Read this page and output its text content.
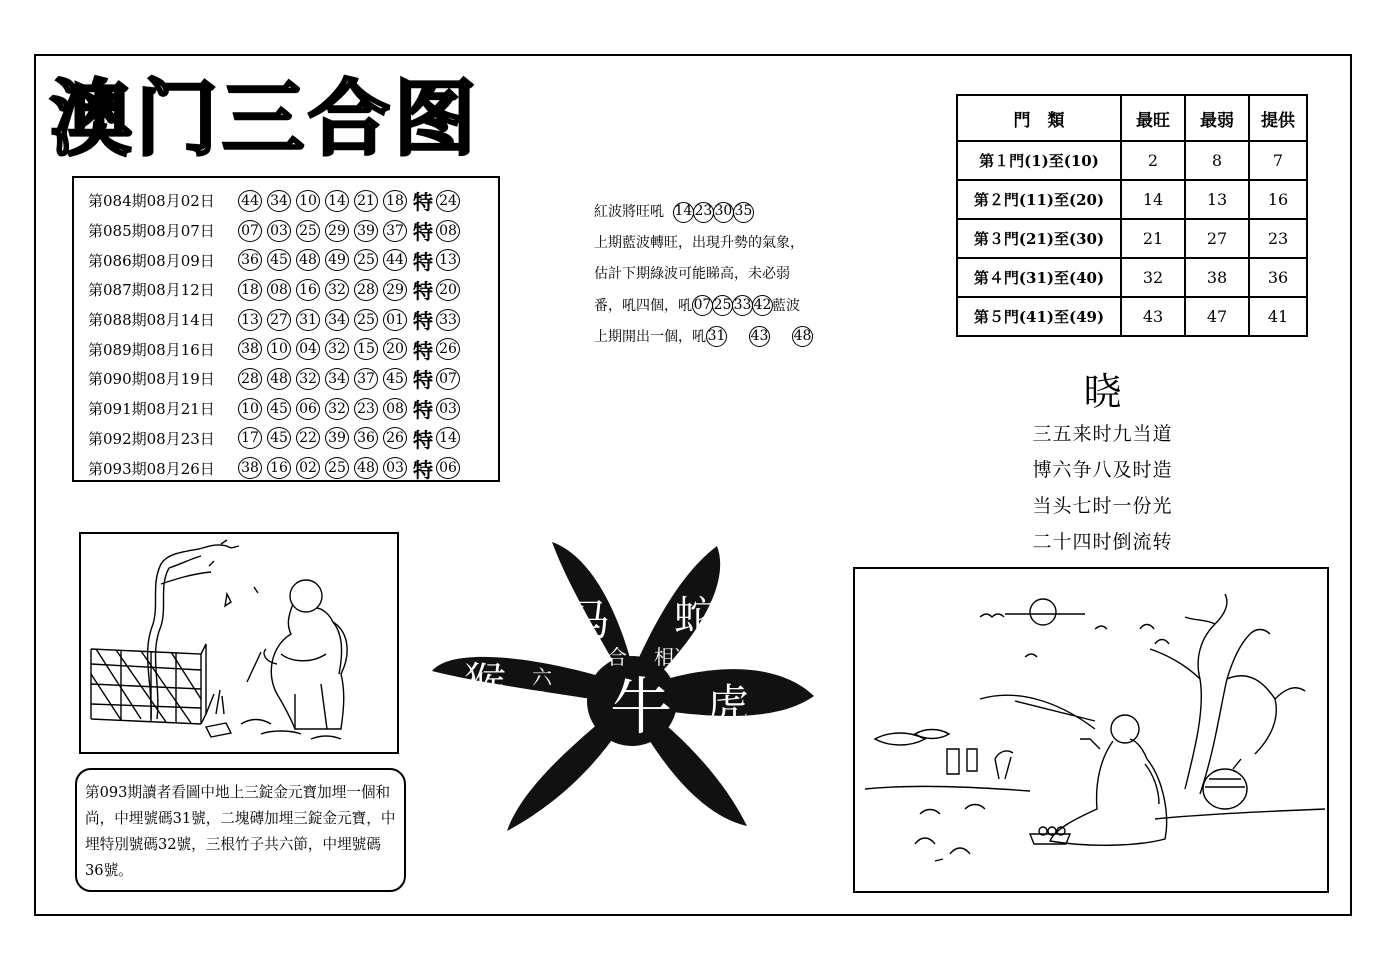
澳门三合图
第084期08月02日	44 34 10 14 21 18 特 24
第085期08月07日	07 03 25 29 39 37 特 08
第086期08月09日	36 45 48 49 25 44 特 13
第087期08月12日	18 08 16 32 28 29 特 20
第088期08月14日	13 27 31 34 25 01 特 33
第089期08月16日	38 10 04 32 15 20 特 26
第090期08月19日	28 48 32 34 37 45 特 07
第091期08月21日	10 45 06 32 23 08 特 03
第092期08月23日	17 45 22 39 36 26 特 14
第093期08月26日	38 16 02 25 48 03 特 06
紅波將旺吼 14 23 30 35
上期藍波轉旺，出現升勢的氣象，
估計下期綠波可能睇高，未必弱
番，吼四個，吼 07 25 33 42藍波
上期開出一個，吼 31 43 48
門　類	最旺	最弱	提供
第１門(1)至(10)	2	8	7
第２門(11)至(20)	14	13	16
第３門(21)至(30)	21	27	23
第４門(31)至(40)	32	38	36
第５門(41)至(49)	43	47	41
晓
三五来时九当道
博六争八及时造
当头七时一份光
二十四时倒流转
第093期讀者看圖中地上三錠金元寶加埋一個和尚，中埋號碼31號，二塊磚加埋三錠金元寶，中埋特別號碼32號，三根竹子共六節，中埋號碼36號。
马 蛇
三合 相冲
猴 六
合 牛 虎
